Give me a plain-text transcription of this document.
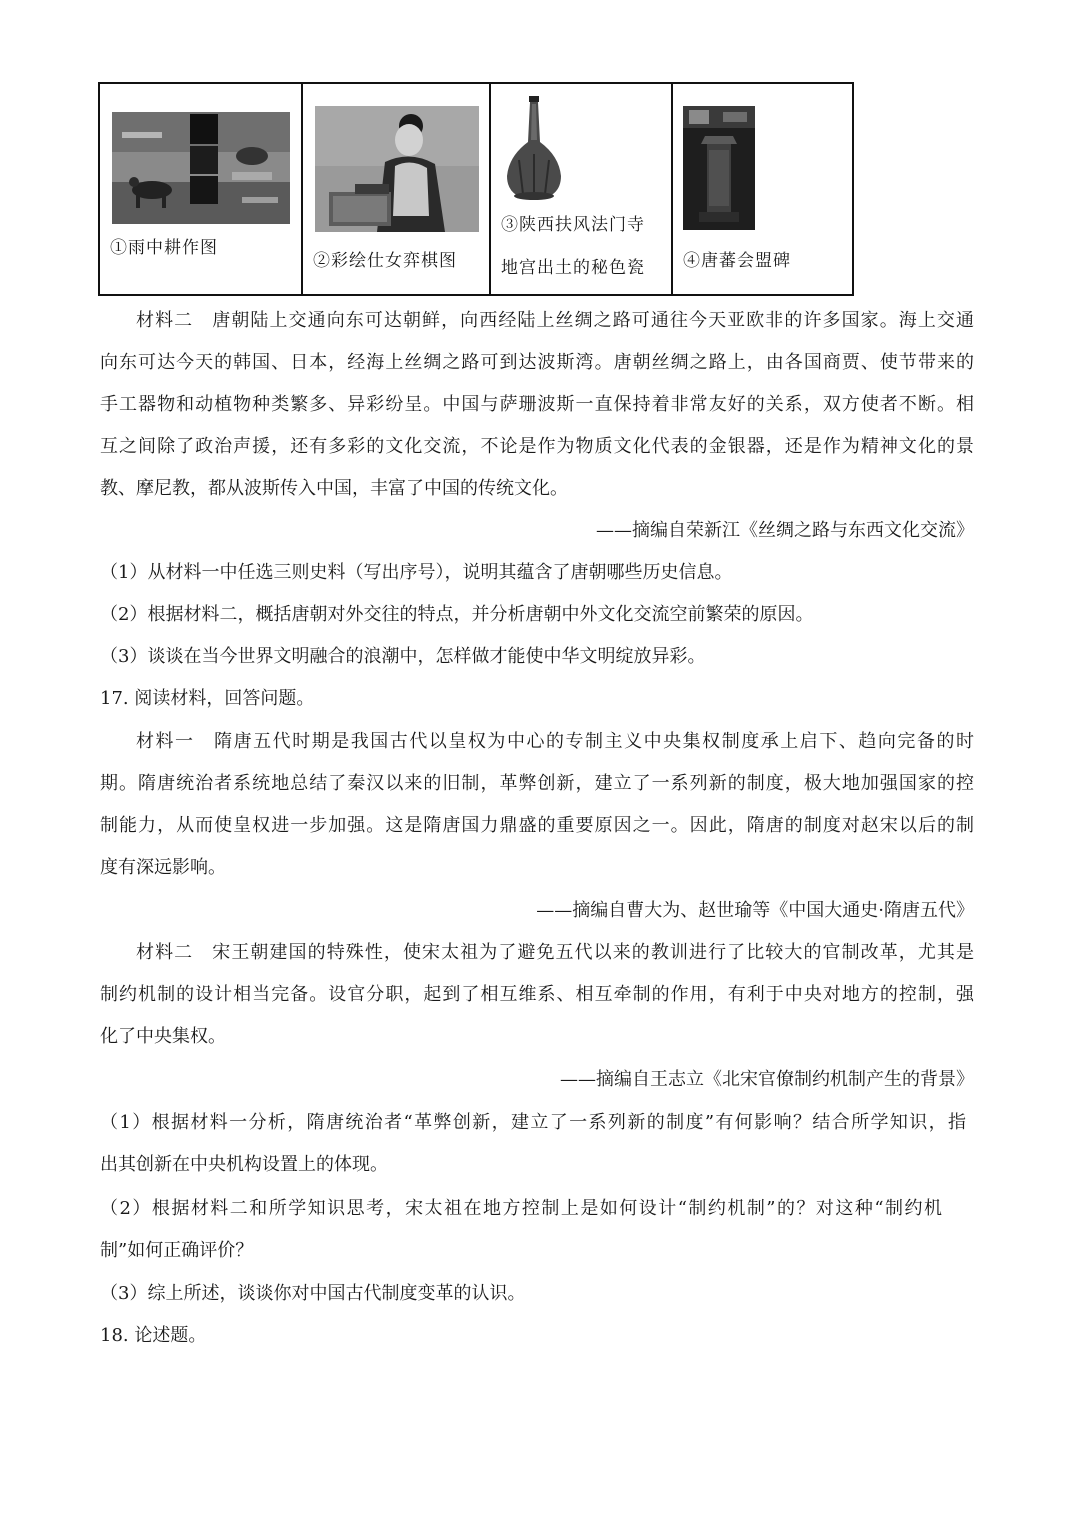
①雨中耕作图
②彩绘仕女弈棋图
③陕西扶风法门寺
地宫出土的秘色瓷 ④唐蕃会盟碑
材料二　唐朝陆上交通向东可达朝鲜，向西经陆上丝绸之路可通往今天亚欧非的许多国家。海上交通
向东可达今天的韩国、日本，经海上丝绸之路可到达波斯湾。唐朝丝绸之路上，由各国商贾、使节带来的
手工器物和动植物种类繁多、异彩纷呈。中国与萨珊波斯一直保持着非常友好的关系，双方使者不断。相
互之间除了政治声援，还有多彩的文化交流，不论是作为物质文化代表的金银器，还是作为精神文化的景
教、摩尼教，都从波斯传入中国，丰富了中国的传统文化。
——摘编自荣新江《丝绸之路与东西文化交流》
（1）从材料一中任选三则史料（写出序号），说明其蕴含了唐朝哪些历史信息。
（2）根据材料二，概括唐朝对外交往的特点，并分析唐朝中外文化交流空前繁荣的原因。
（3）谈谈在当今世界文明融合的浪潮中，怎样做才能使中华文明绽放异彩。
17. 阅读材料，回答问题。
材料一　隋唐五代时期是我国古代以皇权为中心的专制主义中央集权制度承上启下、趋向完备的时
期。隋唐统治者系统地总结了秦汉以来的旧制，革弊创新，建立了一系列新的制度，极大地加强国家的控
制能力，从而使皇权进一步加强。这是隋唐国力鼎盛的重要原因之一。因此，隋唐的制度对赵宋以后的制
度有深远影响。
——摘编自曹大为、赵世瑜等《中国大通史·隋唐五代》
材料二　宋王朝建国的特殊性，使宋太祖为了避免五代以来的教训进行了比较大的官制改革，尤其是
制约机制的设计相当完备。设官分职，起到了相互维系、相互牵制的作用，有利于中央对地方的控制，强
化了中央集权。
——摘编自王志立《北宋官僚制约机制产生的背景》
（1）根据材料一分析，隋唐统治者“革弊创新，建立了一系列新的制度”有何影响？结合所学知识，指
出其创新在中央机构设置上的体现。
（2）根据材料二和所学知识思考，宋太祖在地方控制上是如何设计“制约机制”的？对这种“制约机
制”如何正确评价？
（3）综上所述，谈谈你对中国古代制度变革的认识。
18. 论述题。
